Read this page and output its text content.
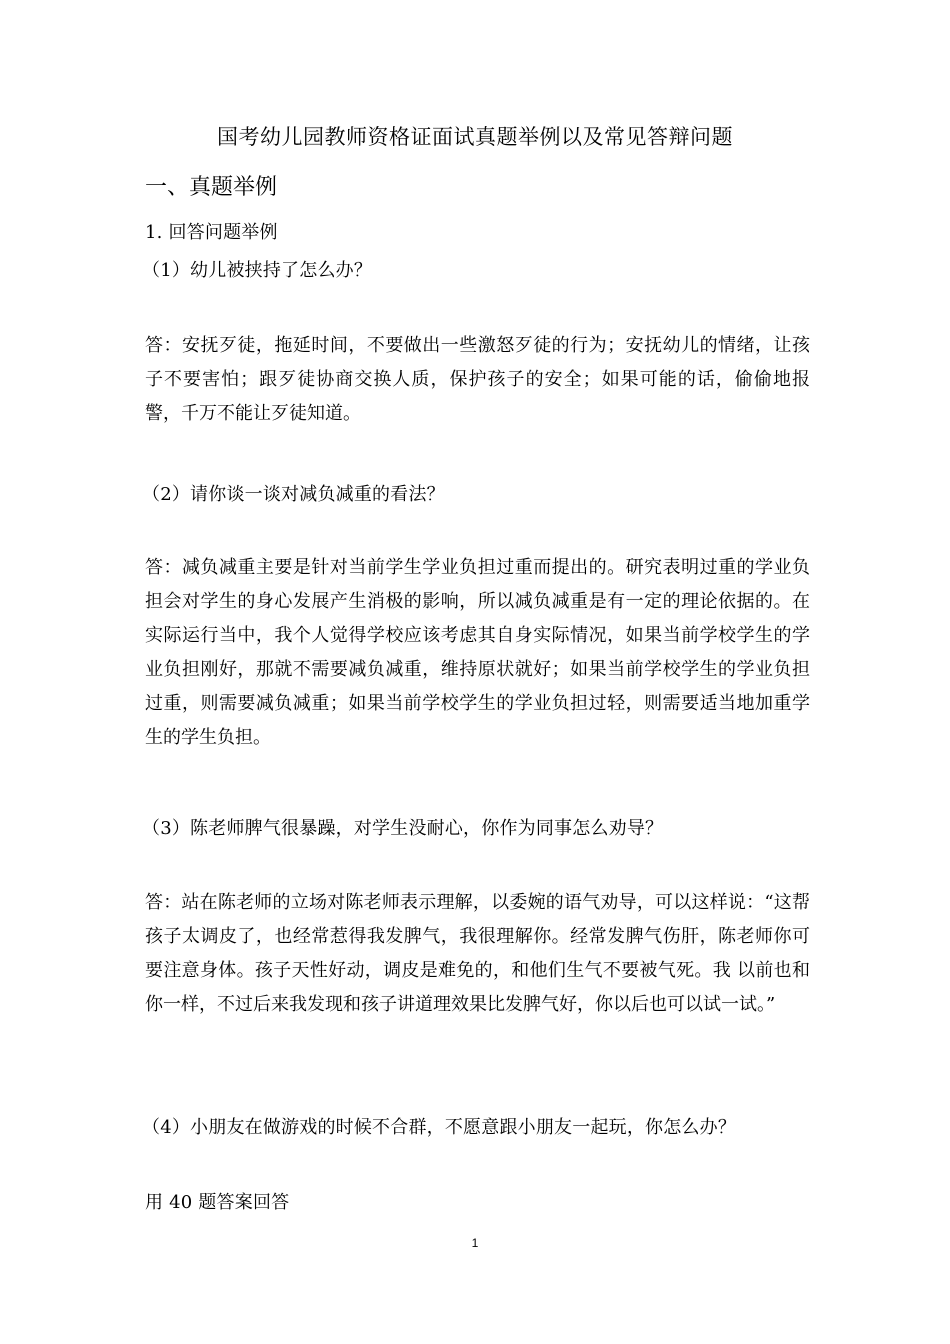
国考幼儿园教师资格证面试真题举例以及常见答辩问题
一、真题举例
1. 回答问题举例
（1）幼儿被挟持了怎么办？
答：安抚歹徒，拖延时间，不要做出一些激怒歹徒的行为；安抚幼儿的情绪，让孩子不要害怕；跟歹徒协商交换人质，保护孩子的安全；如果可能的话，偷偷地报警，千万不能让歹徒知道。
（2）请你谈一谈对减负减重的看法？
答：减负减重主要是针对当前学生学业负担过重而提出的。研究表明过重的学业负担会对学生的身心发展产生消极的影响，所以减负减重是有一定的理论依据的。在实际运行当中，我个人觉得学校应该考虑其自身实际情况，如果当前学校学生的学业负担刚好，那就不需要减负减重，维持原状就好；如果当前学校学生的学业负担过重，则需要减负减重；如果当前学校学生的学业负担过轻，则需要适当地加重学生的学生负担。
（3）陈老师脾气很暴躁，对学生没耐心，你作为同事怎么劝导？
答：站在陈老师的立场对陈老师表示理解，以委婉的语气劝导，可以这样说：“这帮孩子太调皮了，也经常惹得我发脾气，我很理解你。经常发脾气伤肝，陈老师你可要注意身体。孩子天性好动，调皮是难免的，和他们生气不要被气死。我 以前也和你一样，不过后来我发现和孩子讲道理效果比发脾气好，你以后也可以试一试。”
（4）小朋友在做游戏的时候不合群，不愿意跟小朋友一起玩，你怎么办？
用 40 题答案回答
1
